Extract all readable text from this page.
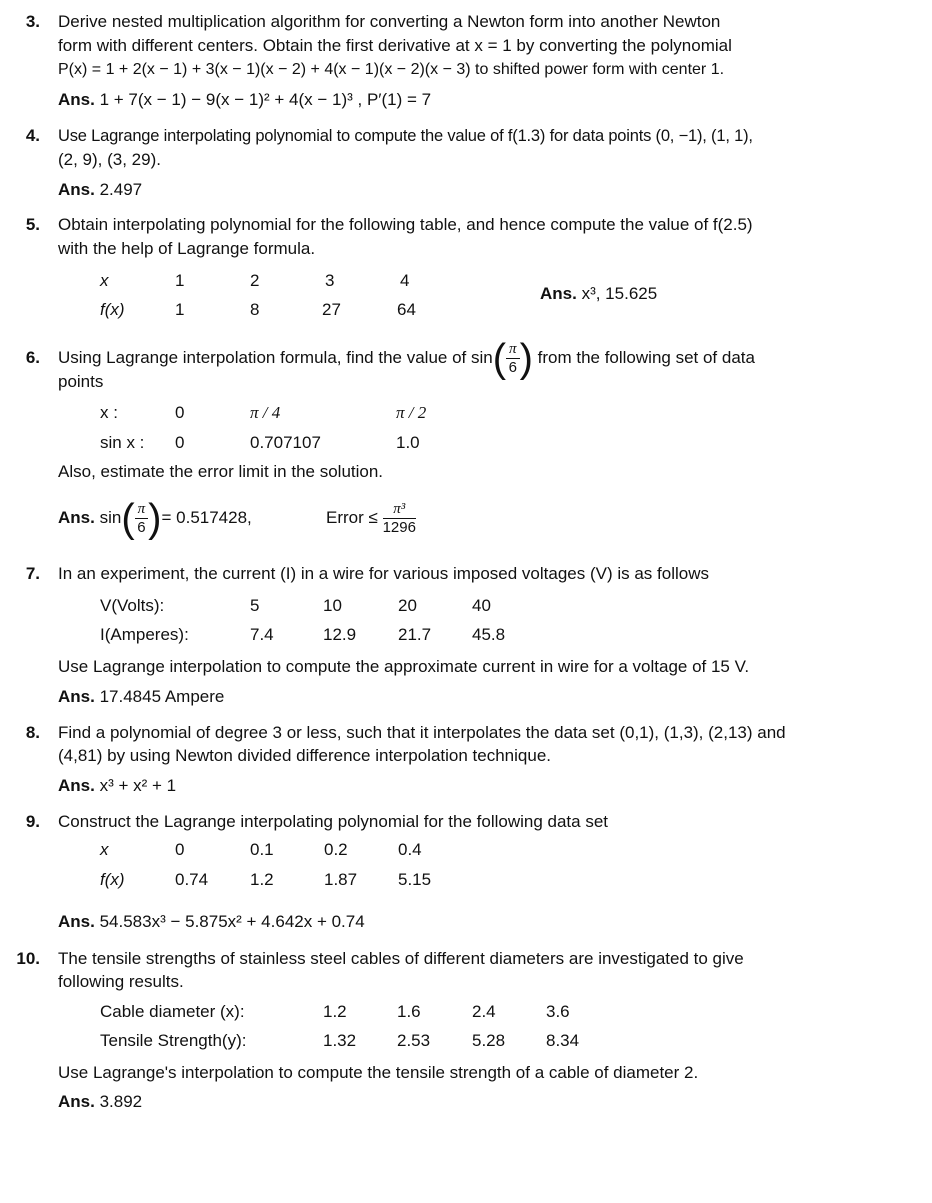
3. Derive nested multiplication algorithm for converting a Newton form into another Newton
form with different centers. Obtain the first derivative at x = 1 by converting the polynomial
P(x) = 1 + 2(x − 1) + 3(x − 1)(x − 2) + 4(x − 1)(x − 2)(x − 3) to shifted power form with center 1.
Ans. 1 + 7(x − 1) − 9(x − 1)² + 4(x − 1)³ , P′(1) = 7
4. Use Lagrange interpolating polynomial to compute the value of f(1.3) for data points (0, −1), (1, 1),
(2, 9), (3, 29).
Ans. 2.497
5. Obtain interpolating polynomial for the following table, and hence compute the value of f(2.5)
with the help of Lagrange formula.
x	1	2	3	4
f(x)	1	8	27	64
Ans. x³, 15.625
6. Using Lagrange interpolation formula, find the value of $\sin( \frac{\pi}{6}$ ) from the following set of data
points
x :	0	π / 4	π / 2
sin x : 0	0.707107	1.0
Also, estimate the error limit in the solution.
Ans. $\sin( \frac{\pi}{6}$ )= 0.517428,	Error ≤ $\frac{\text{π³}}{1296}$
7. In an experiment, the current (I) in a wire for various imposed voltages (V) is as follows
V(Volts):	5	10	20	40
I(Amperes):	7.4	12.9 21.7 45.8
Use Lagrange interpolation to compute the approximate current in wire for a voltage of 15 V.
Ans. 17.4845 Ampere
8. Find a polynomial of degree 3 or less, such that it interpolates the data set (0,1), (1,3), (2,13) and
(4,81) by using Newton divided difference interpolation technique.
Ans. x³ + x² + 1
9. Construct the Lagrange interpolating polynomial for the following data set
x	0	0.1	0.2	0.4
f(x)	0.74 1.2	1.87 5.15
Ans. 54.583x³ − 5.875x² + 4.642x + 0.74
10. The tensile strengths of stainless steel cables of different diameters are investigated to give
following results.
Cable diameter (x):	1.2	1.6	2.4	3.6
Tensile Strength(y):	1.32 2.53 5.28 8.34
Use Lagrange's interpolation to compute the tensile strength of a cable of diameter 2.
Ans. 3.892
